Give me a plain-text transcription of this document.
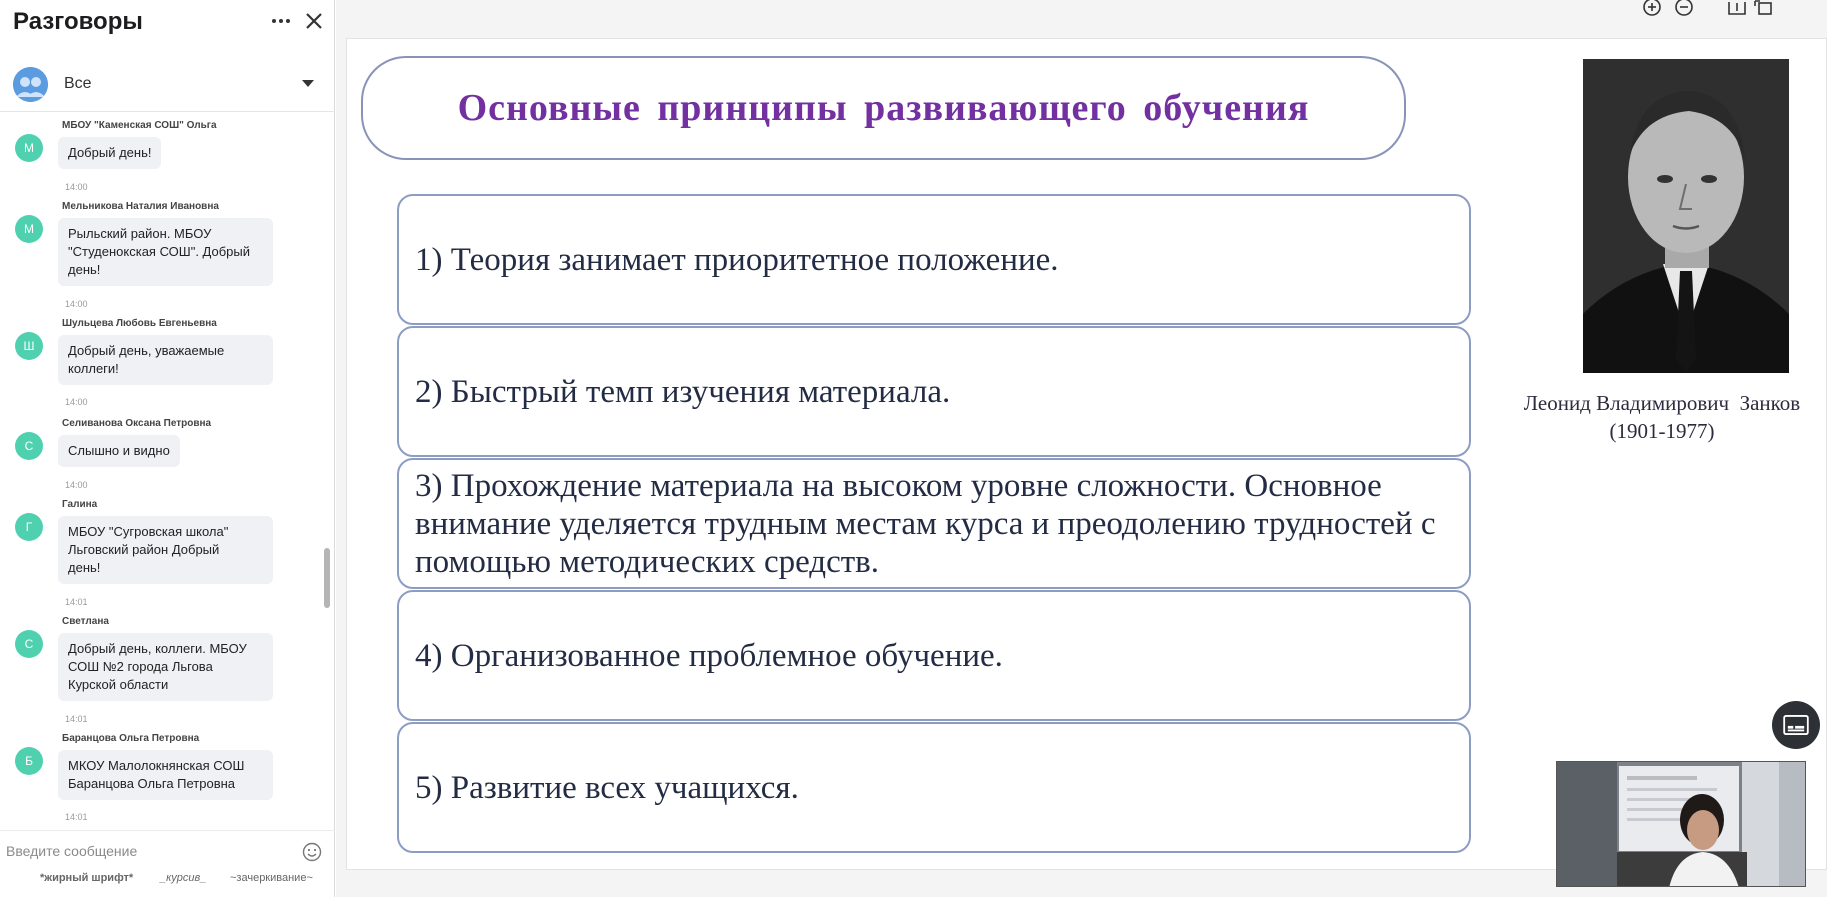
Разговоры
Все
М
МБОУ "Каменская СОШ" Ольга
Добрый день!
14:00
М
Мельникова Наталия Ивановна
Рыльский район. МБОУ
"Студенокская СОШ". Добрый
день!
14:00
Ш
Шульцева Любовь Евгеньевна
Добрый день, уважаемые
коллеги!
14:00
С
Селиванова Оксана Петровна
Слышно и видно
14:00
Г
Галина
МБОУ "Сугровская школа"
Льговский район Добрый
день!
14:01
С
Светлана
Добрый день, коллеги. МБОУ
СОШ №2 города Льгова
Курской области
14:01
Б
Баранцова Ольга Петровна
МКОУ Малолокнянская СОШ
Баранцова Ольга Петровна
14:01
Введите сообщение
*жирный шрифт* _курсив_ ~зачеркивание~
Основные принципы развивающего обучения
1) Теория занимает приоритетное положение.
2) Быстрый темп изучения материала.
3) Прохождение материала на высоком уровне сложности. Основное внимание уделяется трудным местам курса и преодолению трудностей с помощью методических средств.
4) Организованное проблемное обучение.
5) Развитие всех учащихся.
Леонид Владимирович  Занков
(1901-1977)
